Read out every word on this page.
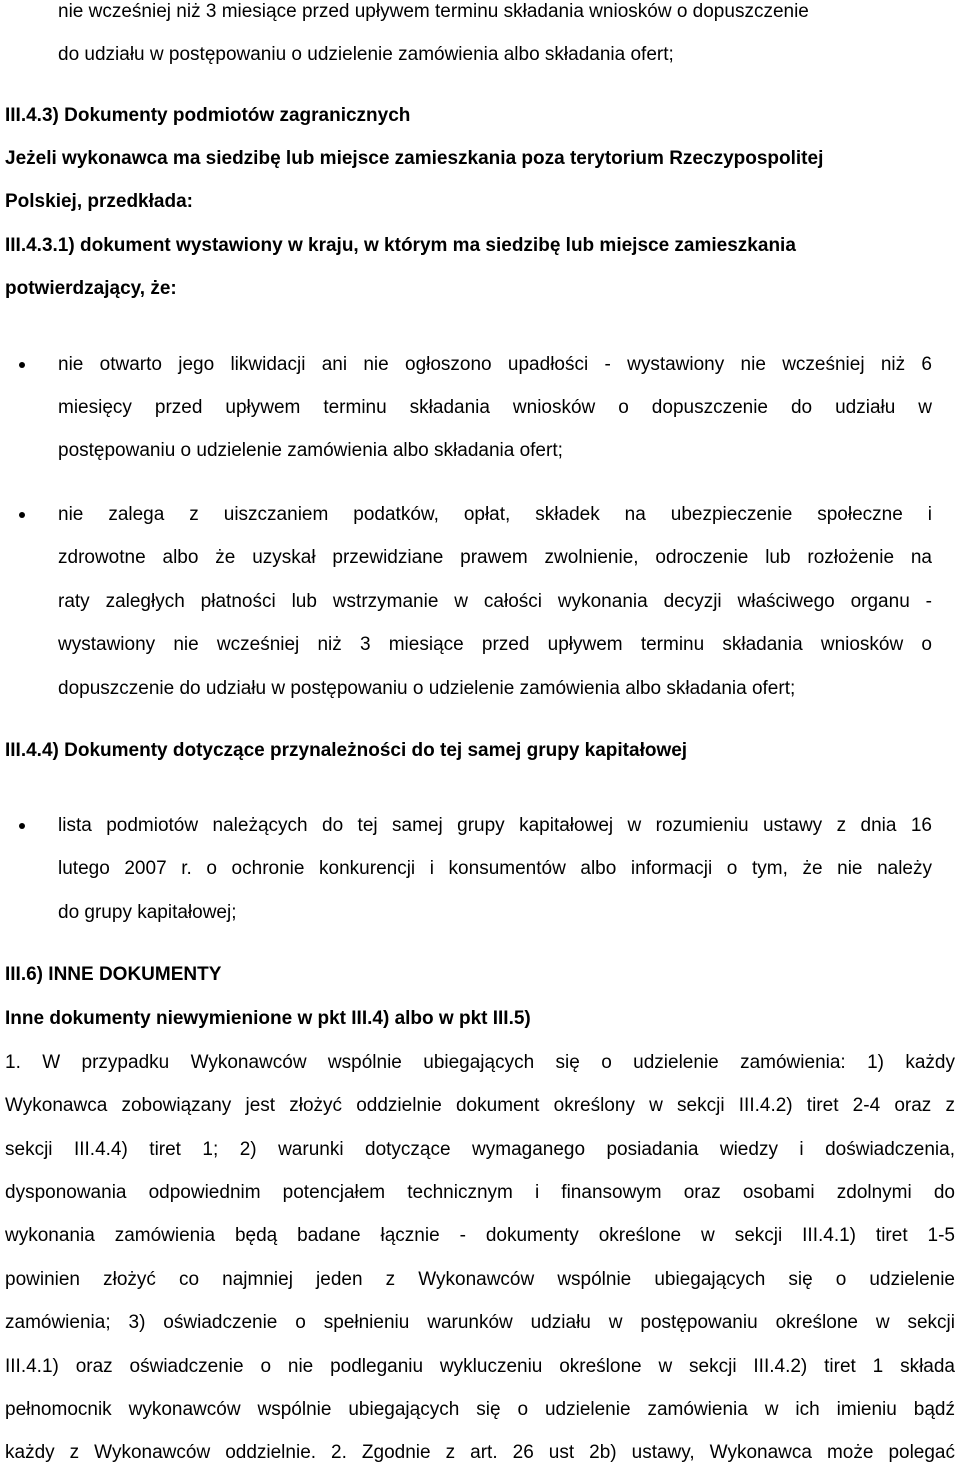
nie wcześniej niż 3 miesiące przed upływem terminu składania wniosków o dopuszczenie
do udziału w postępowaniu o udzielenie zamówienia albo składania ofert;
III.4.3) Dokumenty podmiotów zagranicznych
Jeżeli wykonawca ma siedzibę lub miejsce zamieszkania poza terytorium Rzeczypospolitej
Polskiej, przedkłada:
III.4.3.1) dokument wystawiony w kraju, w którym ma siedzibę lub miejsce zamieszkania
potwierdzający, że:
nie otwarto jego likwidacji ani nie ogłoszono upadłości - wystawiony nie wcześniej niż 6
miesięcy przed upływem terminu składania wniosków o dopuszczenie do udziału w
postępowaniu o udzielenie zamówienia albo składania ofert;
nie zalega z uiszczaniem podatków, opłat, składek na ubezpieczenie społeczne i
zdrowotne albo że uzyskał przewidziane prawem zwolnienie, odroczenie lub rozłożenie na
raty zaległych płatności lub wstrzymanie w całości wykonania decyzji właściwego organu -
wystawiony nie wcześniej niż 3 miesiące przed upływem terminu składania wniosków o
dopuszczenie do udziału w postępowaniu o udzielenie zamówienia albo składania ofert;
III.4.4) Dokumenty dotyczące przynależności do tej samej grupy kapitałowej
lista podmiotów należących do tej samej grupy kapitałowej w rozumieniu ustawy z dnia 16
lutego 2007 r. o ochronie konkurencji i konsumentów albo informacji o tym, że nie należy
do grupy kapitałowej;
III.6) INNE DOKUMENTY
Inne dokumenty niewymienione w pkt III.4) albo w pkt III.5)
1. W przypadku Wykonawców wspólnie ubiegających się o udzielenie zamówienia: 1) każdy
Wykonawca zobowiązany jest złożyć oddzielnie dokument określony w sekcji III.4.2) tiret 2-4 oraz z
sekcji III.4.4) tiret 1; 2) warunki dotyczące wymaganego posiadania wiedzy i doświadczenia,
dysponowania odpowiednim potencjałem technicznym i finansowym oraz osobami zdolnymi do
wykonania zamówienia będą badane łącznie - dokumenty określone w sekcji III.4.1) tiret 1-5
powinien złożyć co najmniej jeden z Wykonawców wspólnie ubiegających się o udzielenie
zamówienia; 3) oświadczenie o spełnieniu warunków udziału w postępowaniu określone w sekcji
III.4.1) oraz oświadczenie o nie podleganiu wykluczeniu określone w sekcji III.4.2) tiret 1 składa
pełnomocnik wykonawców wspólnie ubiegających się o udzielenie zamówienia w ich imieniu bądź
każdy z Wykonawców oddzielnie. 2. Zgodnie z art. 26 ust 2b) ustawy, Wykonawca może polegać
